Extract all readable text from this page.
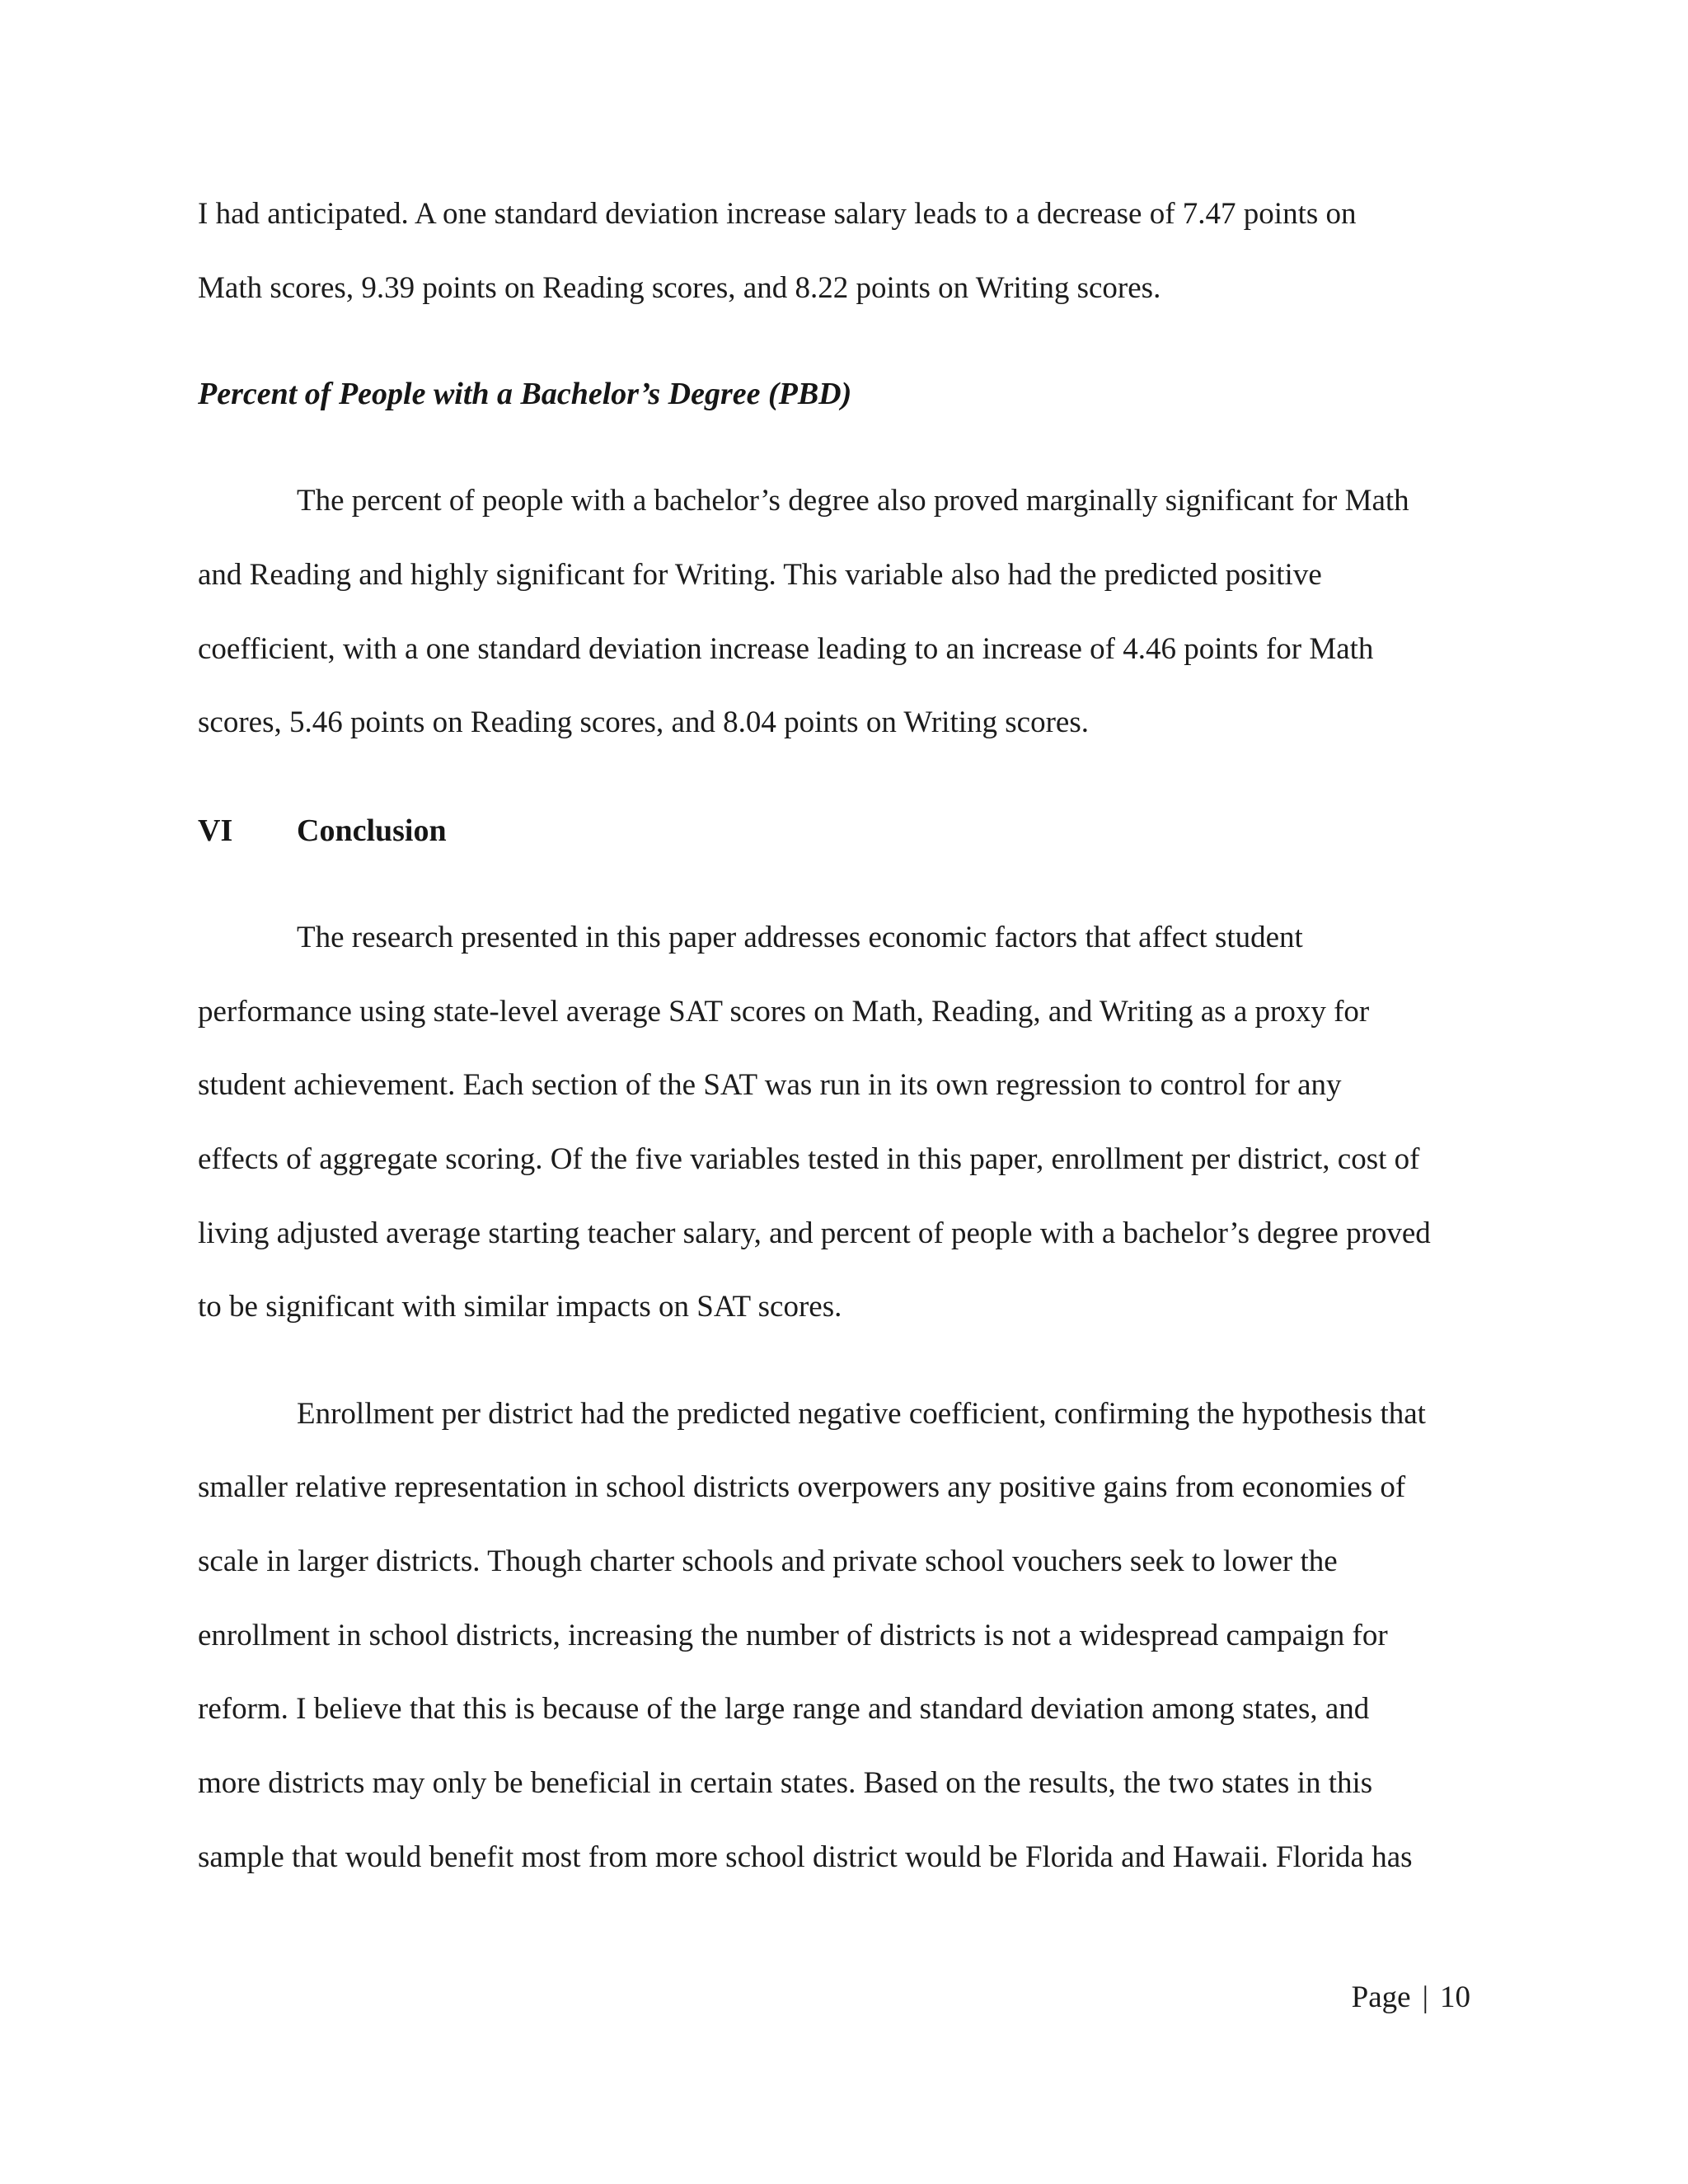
I had anticipated. A one standard deviation increase salary leads to a decrease of 7.47 points on
Math scores, 9.39 points on Reading scores, and 8.22 points on Writing scores.
Percent of People with a Bachelor’s Degree (PBD)
The percent of people with a bachelor’s degree also proved marginally significant for Math
and Reading and highly significant for Writing. This variable also had the predicted positive
coefficient, with a one standard deviation increase leading to an increase of 4.46 points for Math
scores, 5.46 points on Reading scores, and 8.04 points on Writing scores.
VI Conclusion
The research presented in this paper addresses economic factors that affect student
performance using state-level average SAT scores on Math, Reading, and Writing as a proxy for
student achievement. Each section of the SAT was run in its own regression to control for any
effects of aggregate scoring. Of the five variables tested in this paper, enrollment per district, cost of
living adjusted average starting teacher salary, and percent of people with a bachelor’s degree proved
to be significant with similar impacts on SAT scores.
Enrollment per district had the predicted negative coefficient, confirming the hypothesis that
smaller relative representation in school districts overpowers any positive gains from economies of
scale in larger districts. Though charter schools and private school vouchers seek to lower the
enrollment in school districts, increasing the number of districts is not a widespread campaign for
reform. I believe that this is because of the large range and standard deviation among states, and
more districts may only be beneficial in certain states. Based on the results, the two states in this
sample that would benefit most from more school district would be Florida and Hawaii. Florida has
Page | 10
